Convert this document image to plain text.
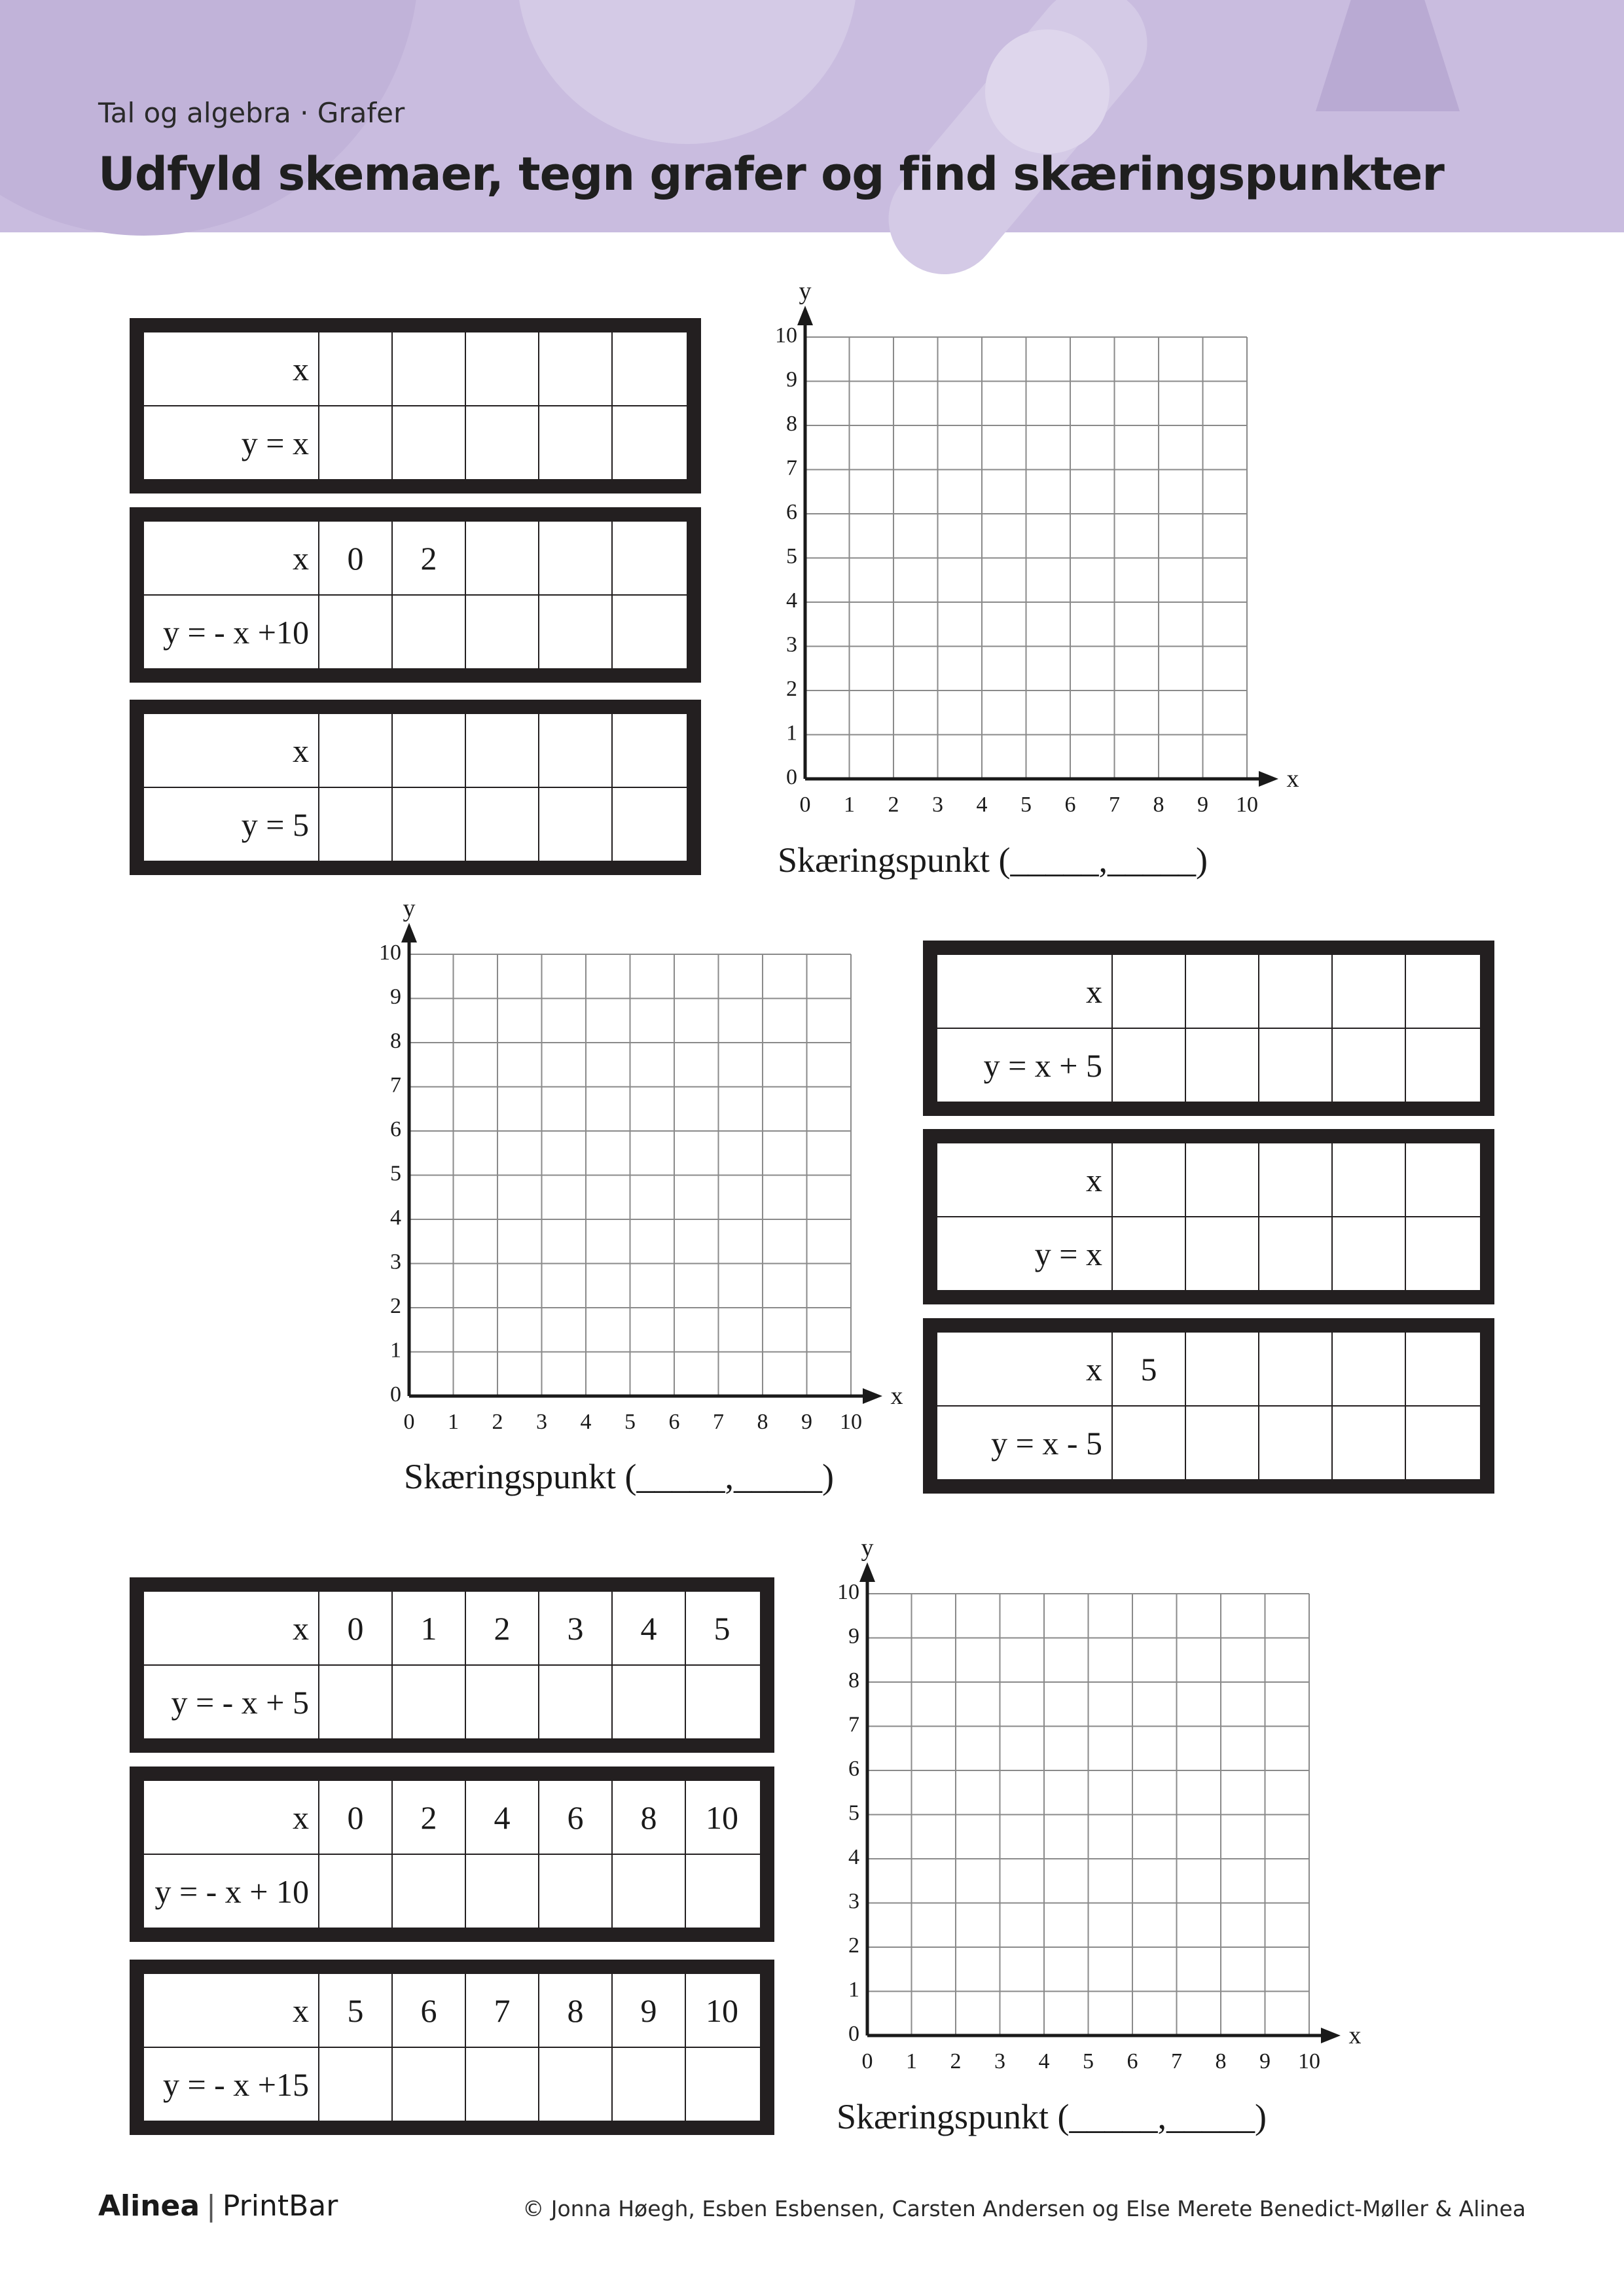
Tal og algebra · Grafer
Udfyld skemaer, tegn grafer og find skæringspunkter
x
y = x
x	0	2
y = - x +10
x
y = 5
x
y = x + 5
x
y = x
x	5
y = x - 5
x	0	1	2	3	4	5
y = - x + 5
x	0	2	4	6	8	10
y = - x + 10
x	5	6	7	8	9	10
y = - x +15
0 1 2 3 4 5 6 7 8 9 10
0
1
2
3
4
5
6
7
8
9
10
x
y
Skæringspunkt (_____,_____)
0 1 2 3 4 5 6 7 8 9 10
0
1
2
3
4
5
6
7
8
9
10
x
y
Skæringspunkt (_____,_____)
0 1 2 3 4 5 6 7 8 9 10
0
1
2
3
4
5
6
7
8
9
10
x
y
Skæringspunkt (_____,_____)
Alinea | PrintBar	© Jonna Høegh, Esben Esbensen, Carsten Andersen og Else Merete Benedict-Møller & Alinea
